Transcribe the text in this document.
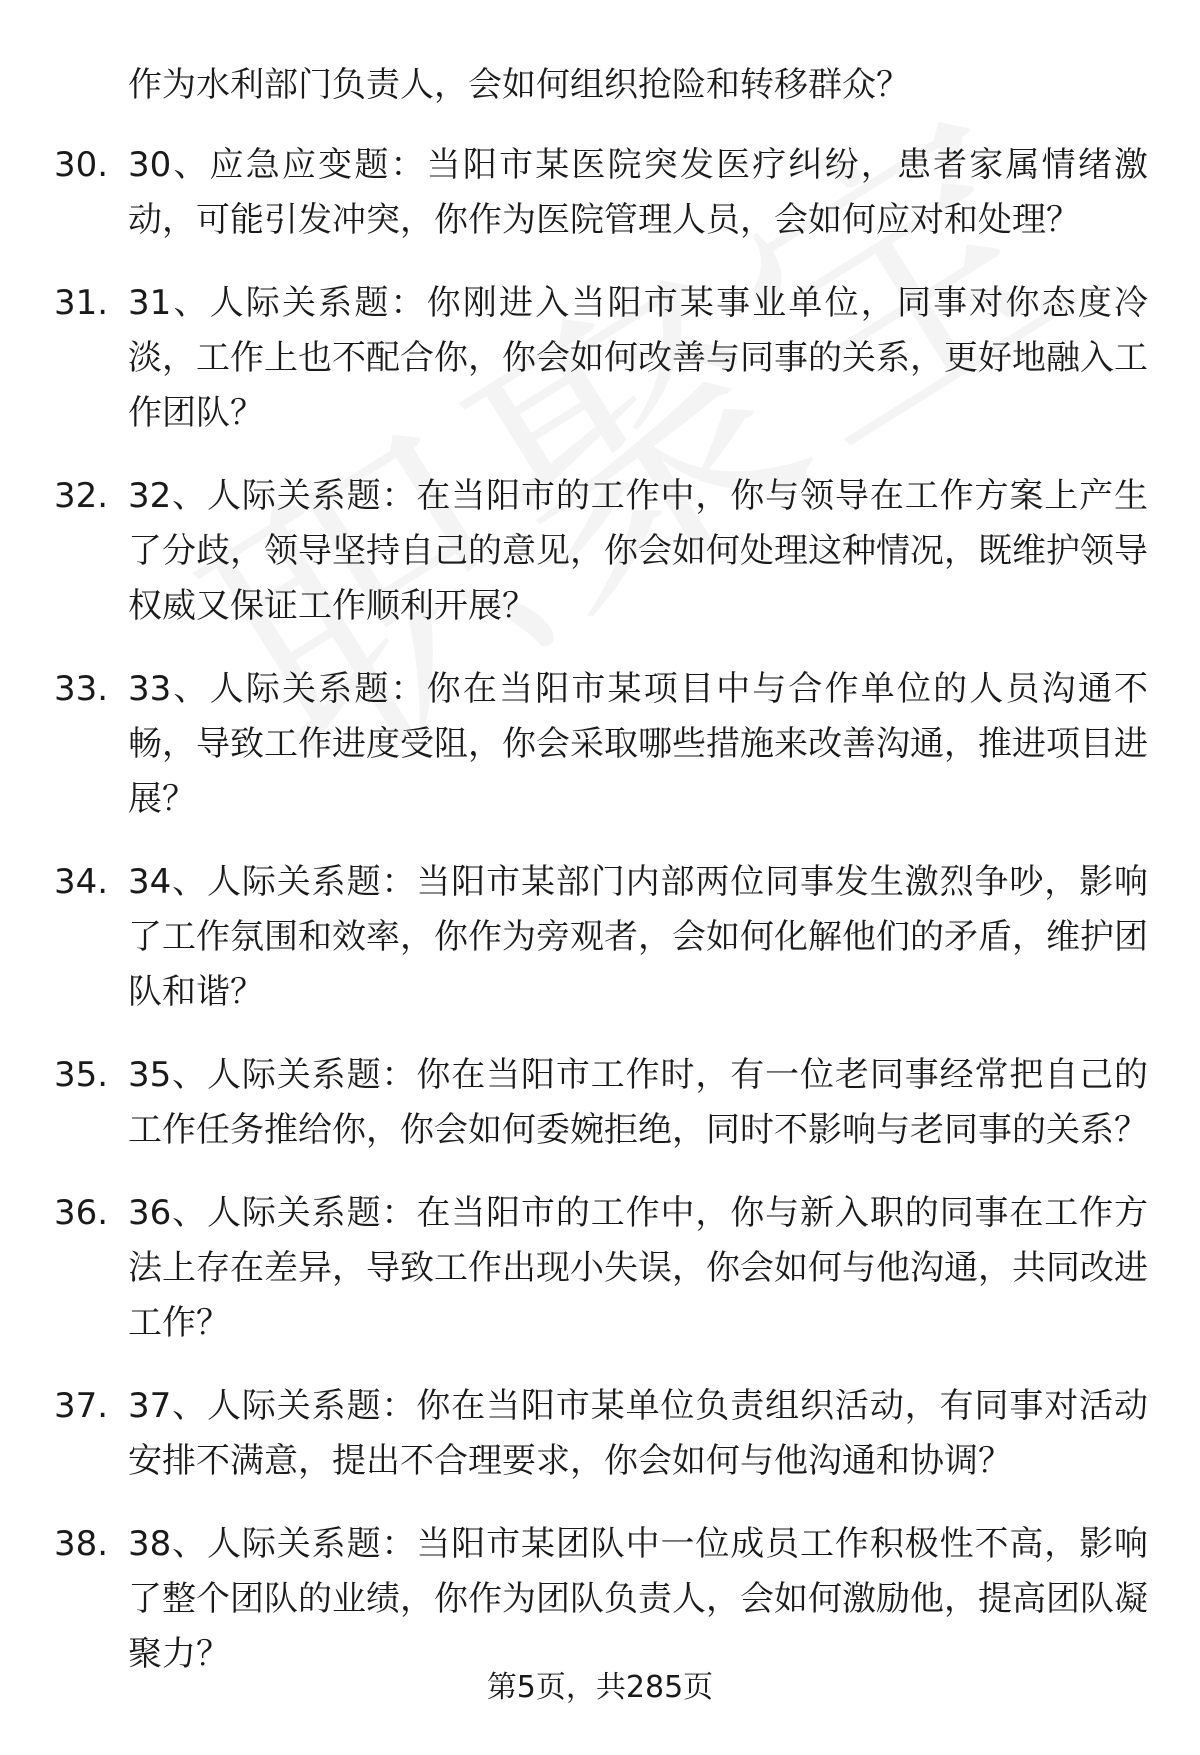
作为水利部门负责人，会如何组织抢险和转移群众？

30. 30、应急应变题：当阳市某医院突发医疗纠纷，患者家属情绪激动，可能引发冲突，你作为医院管理人员，会如何应对和处理？
31. 31、人际关系题：你刚进入当阳市某事业单位，同事对你态度冷淡，工作上也不配合你，你会如何改善与同事的关系，更好地融入工作团队？
32. 32、人际关系题：在当阳市的工作中，你与领导在工作方案上产生了分歧，领导坚持自己的意见，你会如何处理这种情况，既维护领导权威又保证工作顺利开展？
33. 33、人际关系题：你在当阳市某项目中与合作单位的人员沟通不畅，导致工作进度受阻，你会采取哪些措施来改善沟通，推进项目进展？
34. 34、人际关系题：当阳市某部门内部两位同事发生激烈争吵，影响了工作氛围和效率，你作为旁观者，会如何化解他们的矛盾，维护团队和谐？
35. 35、人际关系题：你在当阳市工作时，有一位老同事经常把自己的工作任务推给你，你会如何委婉拒绝，同时不影响与老同事的关系？
36. 36、人际关系题：在当阳市的工作中，你与新入职的同事在工作方法上存在差异，导致工作出现小失误，你会如何与他沟通，共同改进工作？
37. 37、人际关系题：你在当阳市某单位负责组织活动，有同事对活动安排不满意，提出不合理要求，你会如何与他沟通和协调？
38. 38、人际关系题：当阳市某团队中一位成员工作积极性不高，影响了整个团队的业绩，你作为团队负责人，会如何激励他，提高团队凝聚力？
第5页，共285页
